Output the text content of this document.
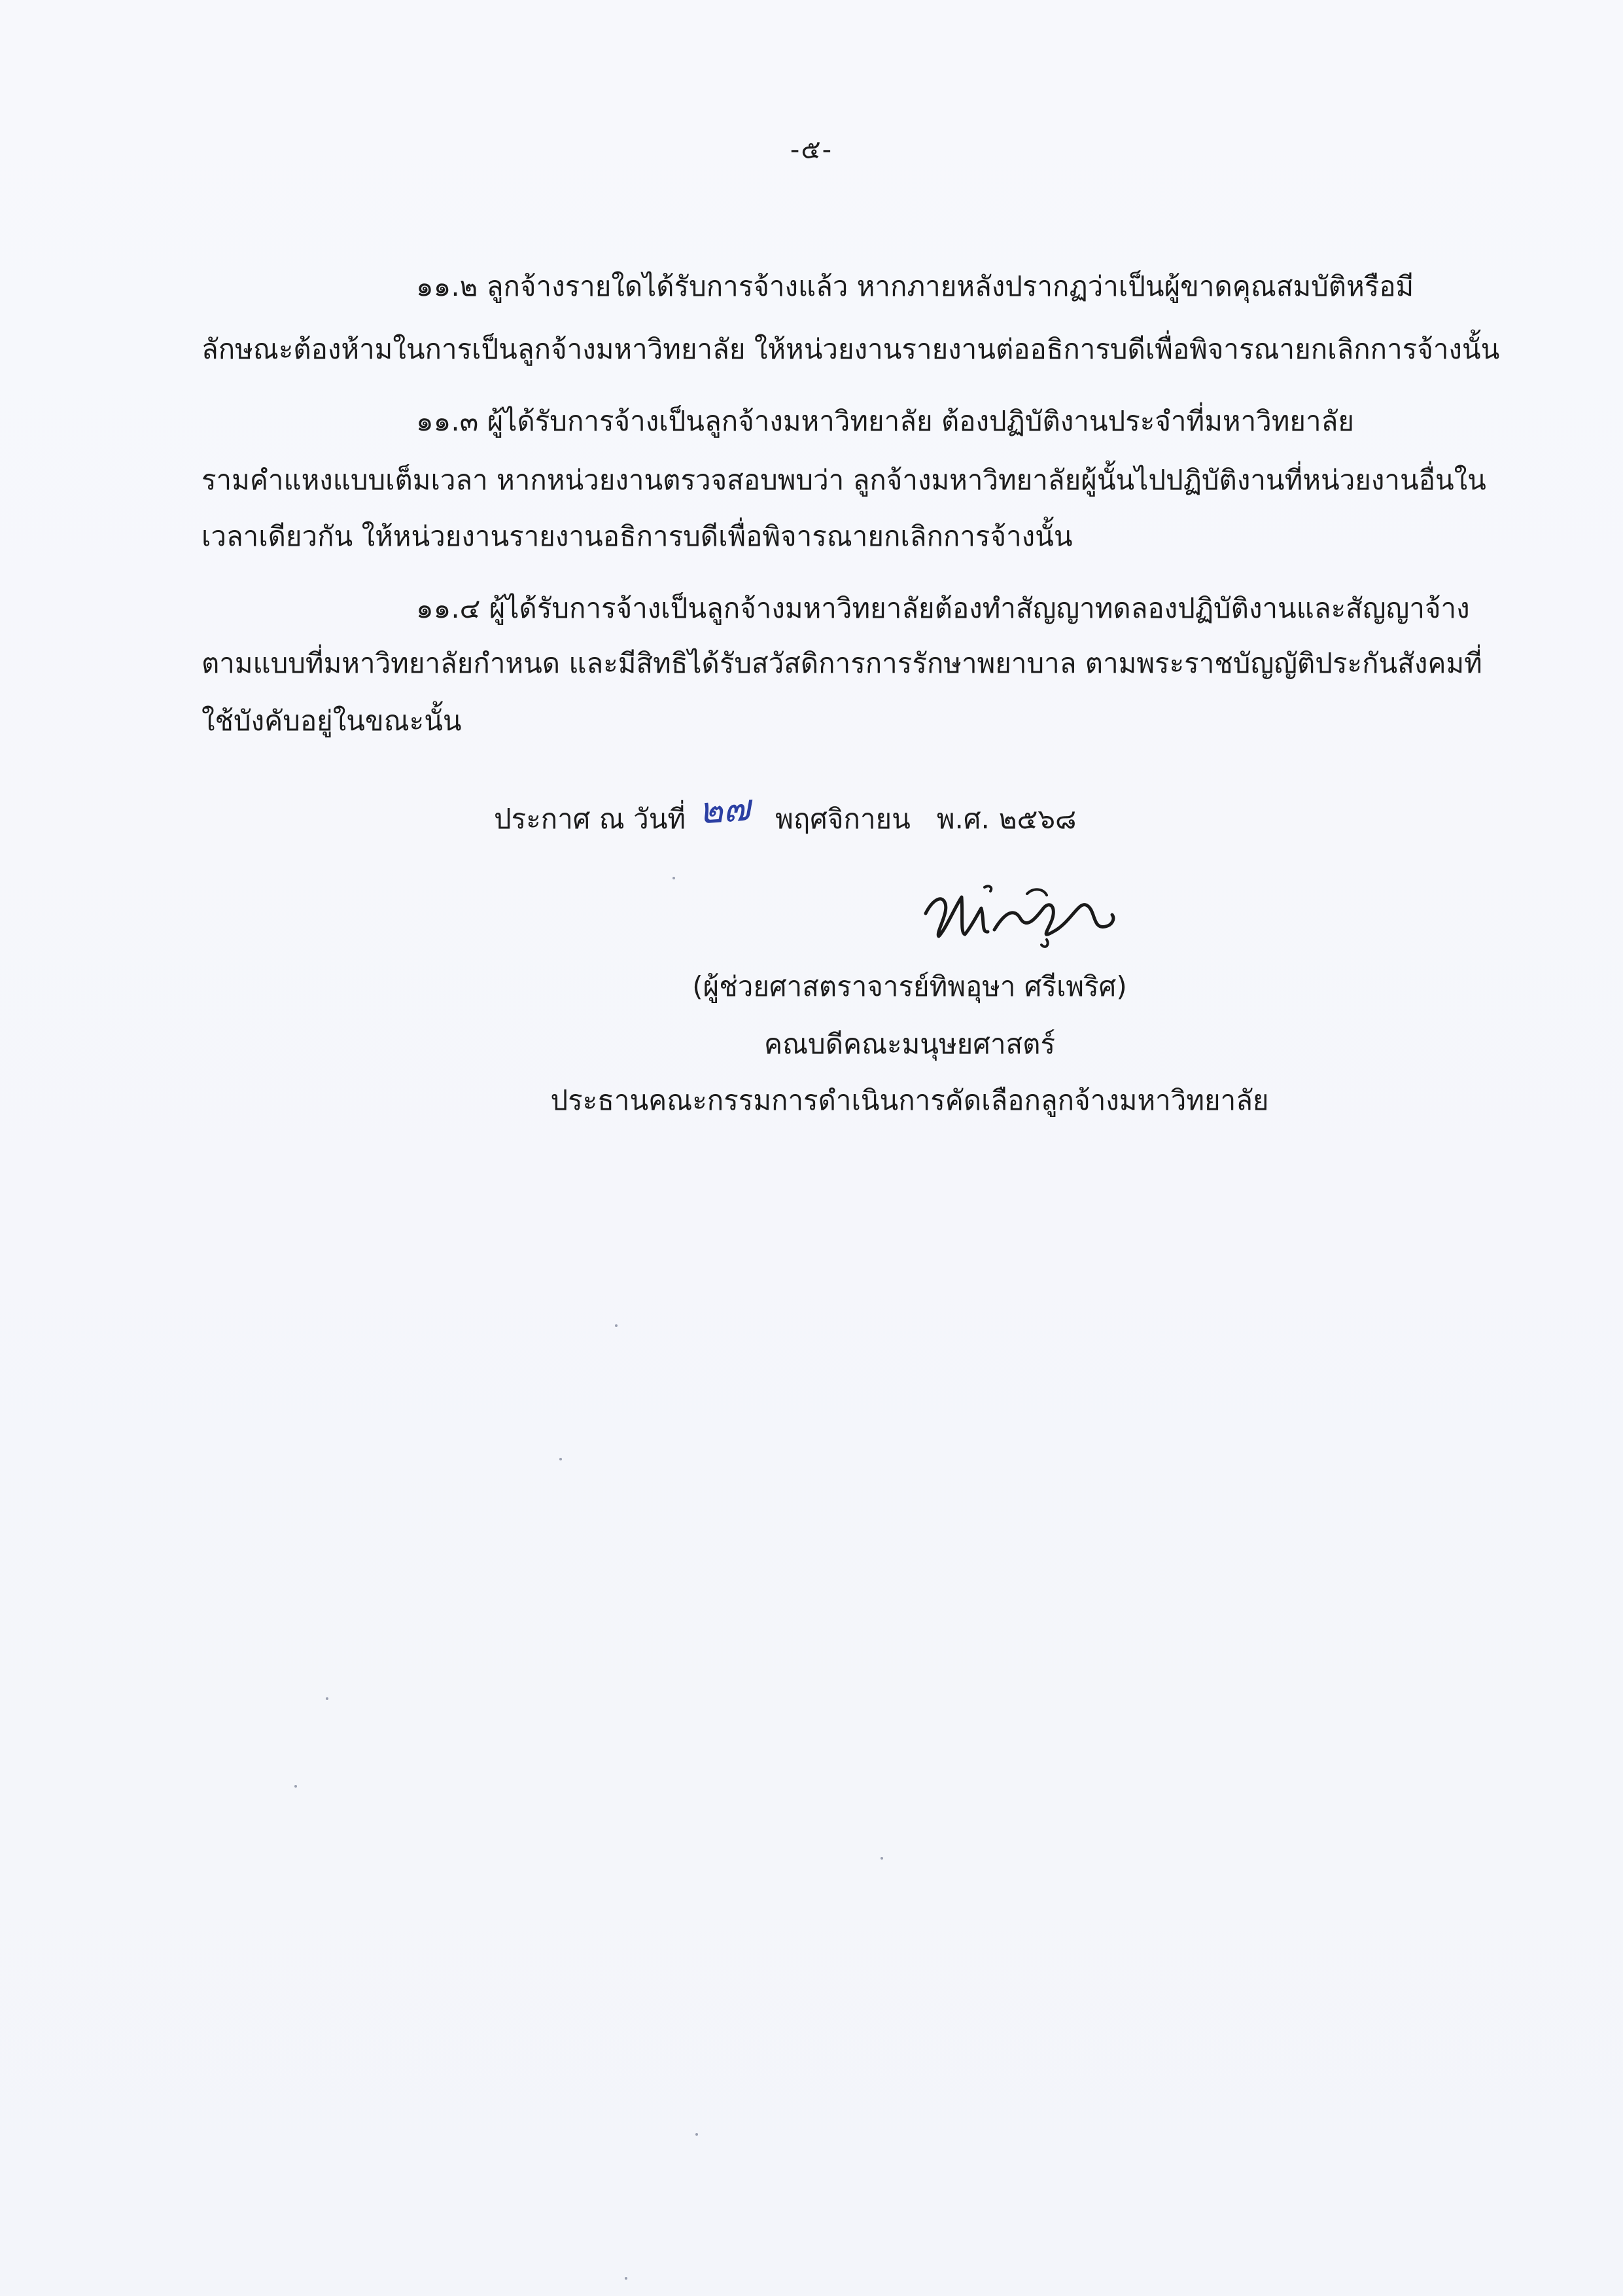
-๕-
๑๑.๒ ลูกจ้างรายใดได้รับการจ้างแล้ว หากภายหลังปรากฏว่าเป็นผู้ขาดคุณสมบัติหรือมี
ลักษณะต้องห้ามในการเป็นลูกจ้างมหาวิทยาลัย ให้หน่วยงานรายงานต่ออธิการบดีเพื่อพิจารณายกเลิกการจ้างนั้น
๑๑.๓ ผู้ได้รับการจ้างเป็นลูกจ้างมหาวิทยาลัย ต้องปฏิบัติงานประจำที่มหาวิทยาลัย
รามคำแหงแบบเต็มเวลา หากหน่วยงานตรวจสอบพบว่า ลูกจ้างมหาวิทยาลัยผู้นั้นไปปฏิบัติงานที่หน่วยงานอื่นใน
เวลาเดียวกัน ให้หน่วยงานรายงานอธิการบดีเพื่อพิจารณายกเลิกการจ้างนั้น
๑๑.๔ ผู้ได้รับการจ้างเป็นลูกจ้างมหาวิทยาลัยต้องทำสัญญาทดลองปฏิบัติงานและสัญญาจ้าง
ตามแบบที่มหาวิทยาลัยกำหนด และมีสิทธิได้รับสวัสดิการการรักษาพยาบาล ตามพระราชบัญญัติประกันสังคมที่
ใช้บังคับอยู่ในขณะนั้น
ประกาศ ณ วันที่ ๒๗ พฤศจิกายน พ.ศ. ๒๕๖๘
(ผู้ช่วยศาสตราจารย์ทิพอุษา ศรีเพริศ)
คณบดีคณะมนุษยศาสตร์
ประธานคณะกรรมการดำเนินการคัดเลือกลูกจ้างมหาวิทยาลัย
